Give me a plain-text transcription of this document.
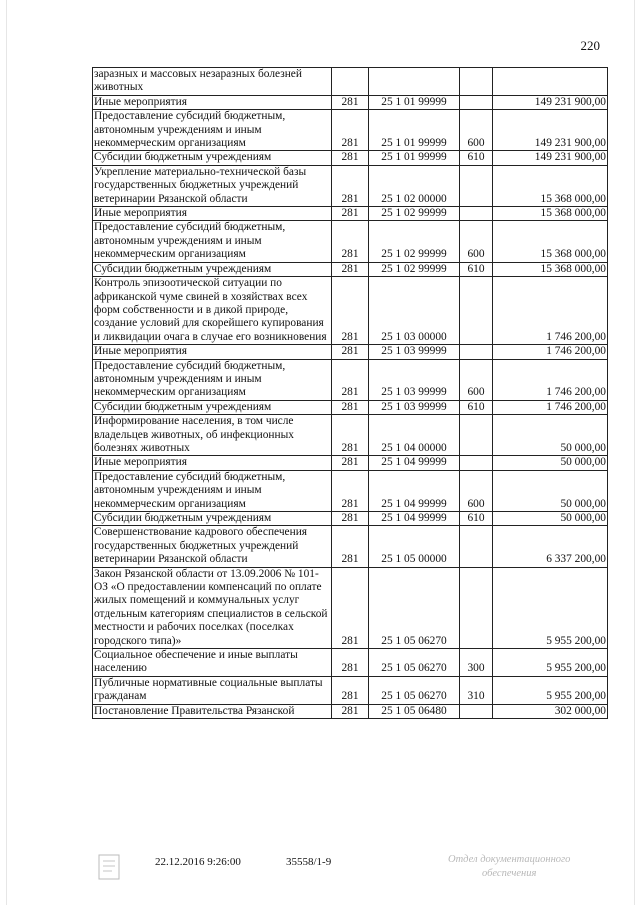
220
заразных и массовых незаразных болезней животных				
Иные мероприятия	281	25 1 01 99999		149 231 900,00
Предоставление субсидий бюджетным, автономным учреждениям и иным некоммерческим организациям	281	25 1 01 99999	600	149 231 900,00
Субсидии бюджетным учреждениям	281	25 1 01 99999	610	149 231 900,00
Укрепление материально-технической базы государственных бюджетных учреждений ветеринарии Рязанской области	281	25 1 02 00000		15 368 000,00
Иные мероприятия	281	25 1 02 99999		15 368 000,00
Предоставление субсидий бюджетным, автономным учреждениям и иным некоммерческим организациям	281	25 1 02 99999	600	15 368 000,00
Субсидии бюджетным учреждениям	281	25 1 02 99999	610	15 368 000,00
Контроль эпизоотической ситуации по африканской чуме свиней в хозяйствах всех форм собственности и в дикой природе, создание условий для скорейшего купирования и ликвидации очага в случае его возникновения	281	25 1 03 00000		1 746 200,00
Иные мероприятия	281	25 1 03 99999		1 746 200,00
Предоставление субсидий бюджетным, автономным учреждениям и иным некоммерческим организациям	281	25 1 03 99999	600	1 746 200,00
Субсидии бюджетным учреждениям	281	25 1 03 99999	610	1 746 200,00
Информирование населения, в том числе владельцев животных, об инфекционных болезнях животных	281	25 1 04 00000		50 000,00
Иные мероприятия	281	25 1 04 99999		50 000,00
Предоставление субсидий бюджетным, автономным учреждениям и иным некоммерческим организациям	281	25 1 04 99999	600	50 000,00
Субсидии бюджетным учреждениям	281	25 1 04 99999	610	50 000,00
Совершенствование кадрового обеспечения государственных бюджетных учреждений ветеринарии Рязанской области	281	25 1 05 00000		6 337 200,00
Закон Рязанской области от 13.09.2006 № 101-ОЗ «О предоставлении компенсаций по оплате жилых помещений и коммунальных услуг отдельным категориям специалистов в сельской местности и рабочих поселках (поселках городского типа)»	281	25 1 05 06270		5 955 200,00
Социальное обеспечение и иные выплаты населению	281	25 1 05 06270	300	5 955 200,00
Публичные нормативные социальные выплаты гражданам	281	25 1 05 06270	310	5 955 200,00
Постановление Правительства Рязанской	281	25 1 05 06480		302 000,00
22.12.2016 9:26:00	35558/1-9	Отдел документационного
обеспечения
